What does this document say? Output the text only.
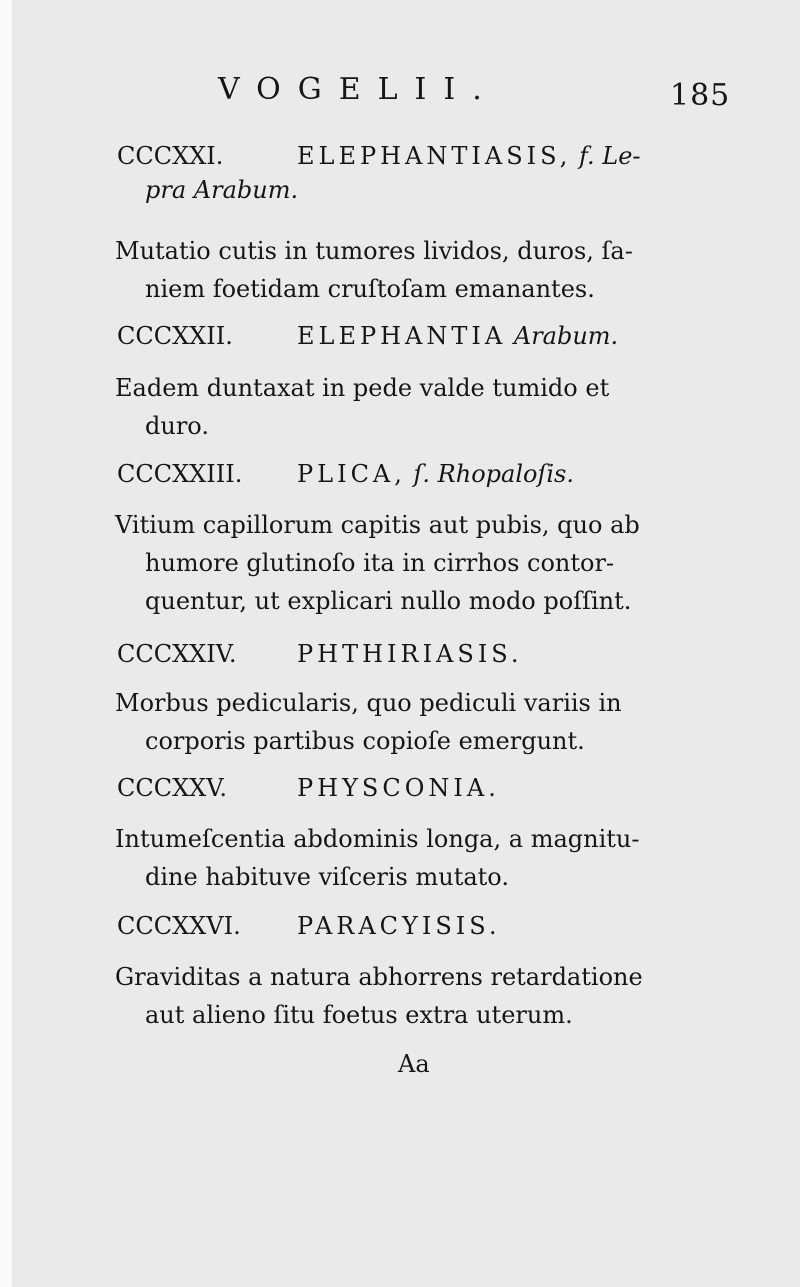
VOGELII.	185
CCCXXI.	ELEPHANTIASIS, f. Le-
pra Arabum.
Mutatio cutis in tumores lividos, duros, ſa-
niem foetidam cruſtoſam emanantes.
CCCXXII.	ELEPHANTIA Arabum.
Eadem duntaxat in pede valde tumido et
duro.
CCCXXIII. PLICA, ſ. Rhopaloſis.
Vitium capillorum capitis aut pubis, quo ab
humore glutinoſo ita in cirrhos contor-
quentur, ut explicari nullo modo poſſint.
CCCXXIV.	PHTHIRIASIS.
Morbus pedicularis, quo pediculi variis in
corporis partibus copioſe emergunt.
CCCXXV.	PHYSCONIA.
Intumeſcentia abdominis longa, a magnitu-
dine habituve viſceris mutato.
CCCXXVI. PARACYISIS.
Graviditas a natura abhorrens retardatione
aut alieno ſitu foetus extra uterum.
Aa
